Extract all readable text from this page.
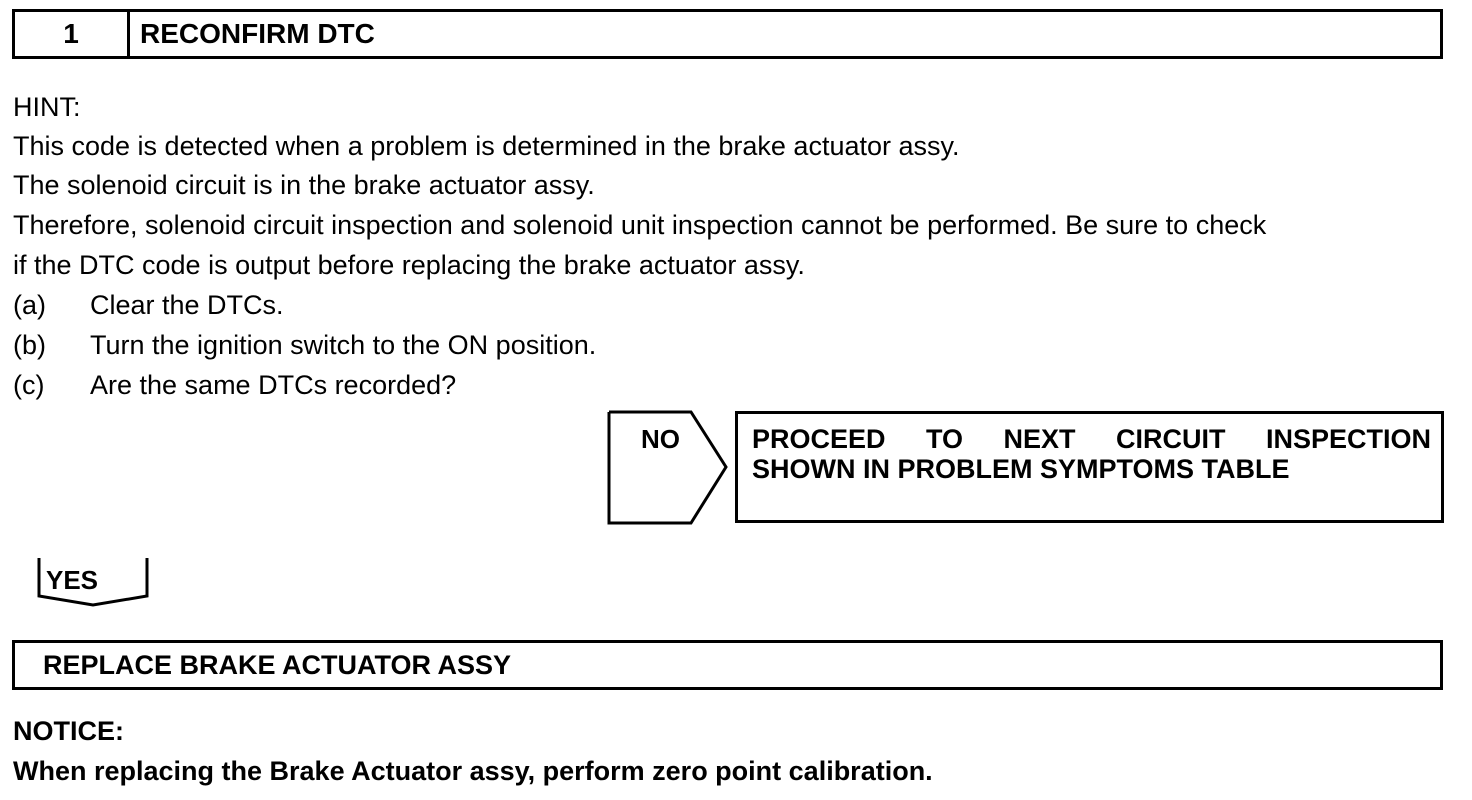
1	RECONFIRM DTC
HINT:
This code is detected when a problem is determined in the brake actuator assy.
The solenoid circuit is in the brake actuator assy.
Therefore, solenoid circuit inspection and solenoid unit inspection cannot be performed. Be sure to check
if the DTC code is output before replacing the brake actuator assy.
(a) Clear the DTCs.
(b) Turn the ignition switch to the ON position.
(c) Are the same DTCs recorded?
NO	PROCEED TO NEXT CIRCUIT INSPECTION
SHOWN IN PROBLEM SYMPTOMS TABLE
YES
REPLACE BRAKE ACTUATOR ASSY
NOTICE:
When replacing the Brake Actuator assy, perform zero point calibration.
